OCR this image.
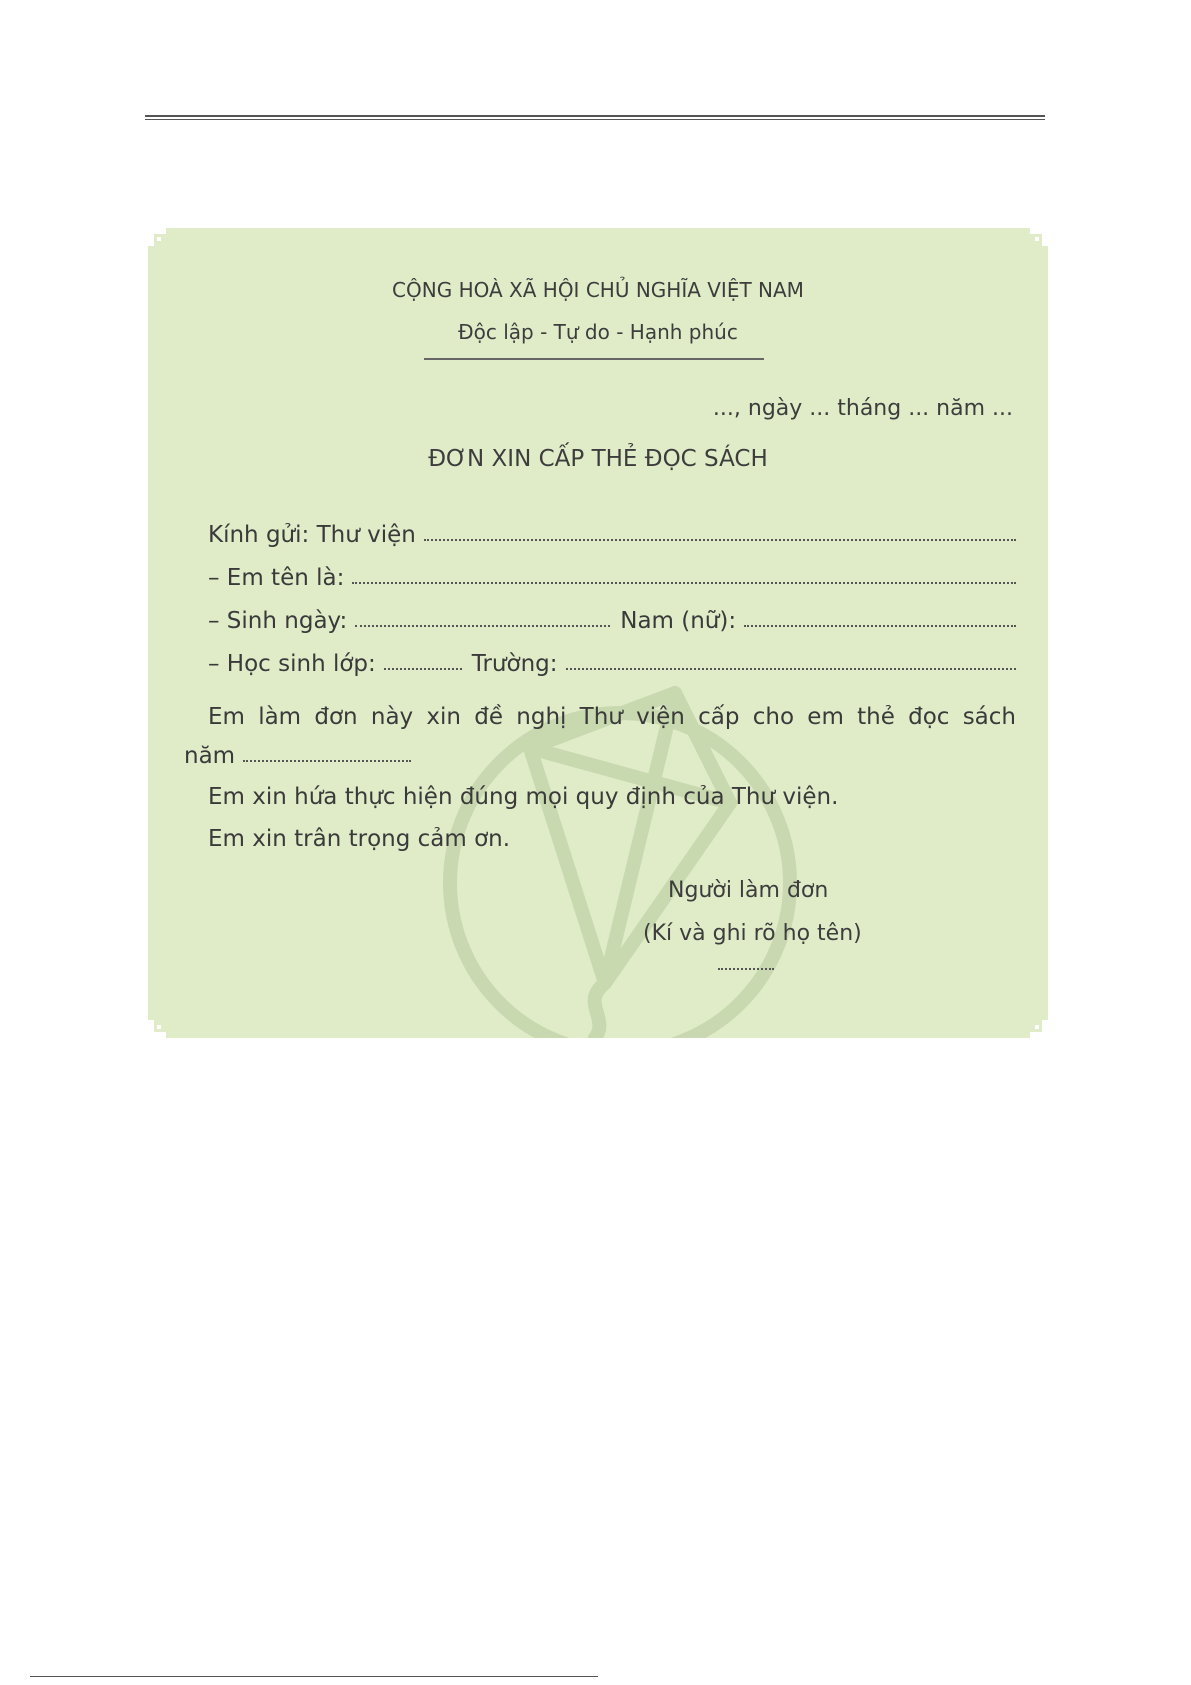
CỘNG HOÀ XÃ HỘI CHỦ NGHĨA VIỆT NAM
Độc lập - Tự do - Hạnh phúc
..., ngày ... tháng ... năm ...
ĐƠN XIN CẤP THẺ ĐỌC SÁCH
Kính gửi: Thư viện
– Em tên là:
– Sinh ngày:	Nam (nữ):
– Học sinh lớp:	Trường:
Em làm đơn này xin đề nghị Thư viện cấp cho em thẻ đọc sách
năm
Em xin hứa thực hiện đúng mọi quy định của Thư viện.
Em xin trân trọng cảm ơn.
Người làm đơn
(Kí và ghi rõ họ tên)
